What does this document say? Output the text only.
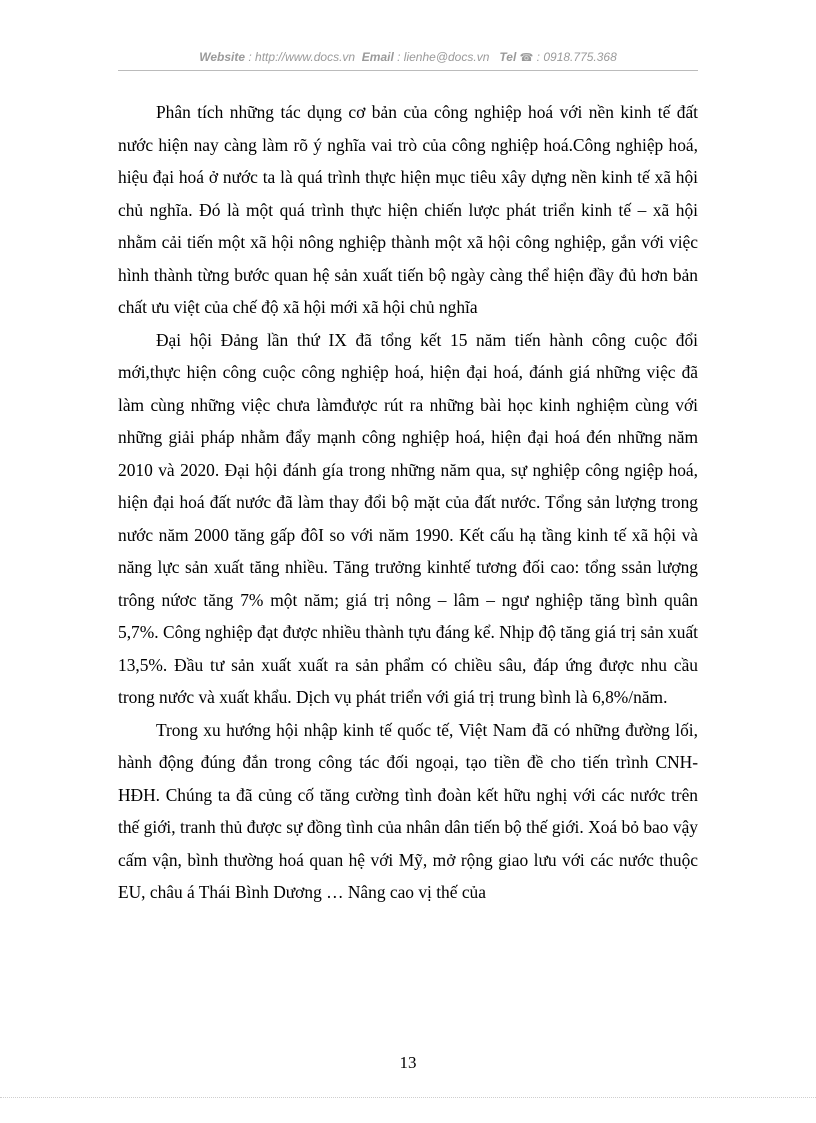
Website : http://www.docs.vn Email : lienhe@docs.vn Tel ☎ : 0918.775.368

Phân tích những tác dụng cơ bản của công nghiệp hoá với nền kinh tế đất nước hiện nay càng làm rõ ý nghĩa vai trò của công nghiệp hoá.Công nghiệp hoá, hiệu đại hoá ở nước ta là quá trình thực hiện mục tiêu xây dựng nền kinh tế xã hội chủ nghĩa. Đó là một quá trình thực hiện chiến lược phát triển kinh tế – xã hội nhằm cải tiến một xã hội nông nghiệp thành một xã hội công nghiệp, gắn với việc hình thành từng bước quan hệ sản xuất tiến bộ ngày càng thể hiện đầy đủ hơn bản chất ưu việt của chế độ xã hội mới xã hội chủ nghĩa

Đại hội Đảng lần thứ IX đã tổng kết 15 năm tiến hành công cuộc đổi mới,thực hiện công cuộc công nghiệp hoá, hiện đại hoá, đánh giá những việc đã làm cùng những việc chưa làmđược rút ra những bài học kinh nghiệm cùng với những giải pháp nhằm đẩy mạnh công nghiệp hoá, hiện đại hoá đén những năm 2010 và 2020. Đại hội đánh gía trong những năm qua, sự nghiệp công ngiệp hoá, hiện đại hoá đất nước đã làm thay đổi bộ mặt của đất nước. Tổng sản lượng trong nước năm 2000 tăng gấp đôI so với năm 1990. Kết cấu hạ tầng kinh tế xã hội và năng lực sản xuất tăng nhiều. Tăng trưởng kinhtế tương đối cao: tổng ssản lượng trông nứơc tăng 7% một năm; giá trị nông – lâm – ngư nghiệp tăng bình quân 5,7%. Công nghiệp đạt được nhiều thành tựu đáng kể. Nhịp độ tăng giá trị sản xuất 13,5%. Đầu tư sản xuất xuất ra sản phẩm có chiều sâu, đáp ứng được nhu cầu trong nước và xuất khẩu. Dịch vụ phát triển với giá trị trung bình là 6,8%/năm.

Trong xu hướng hội nhập kinh tế quốc tế, Việt Nam đã có những đường lối, hành động đúng đắn trong công tác đối ngoại, tạo tiền đề cho tiến trình CNH-HĐH. Chúng ta đã củng cố tăng cường tình đoàn kết hữu nghị với các nước trên thế giới, tranh thủ được sự đồng tình của nhân dân tiến bộ thế giới. Xoá bỏ bao vậy cấm vận, bình thường hoá quan hệ với Mỹ, mở rộng giao lưu với các nước thuộc EU, châu á Thái Bình Dương … Nâng cao vị thế của

13
